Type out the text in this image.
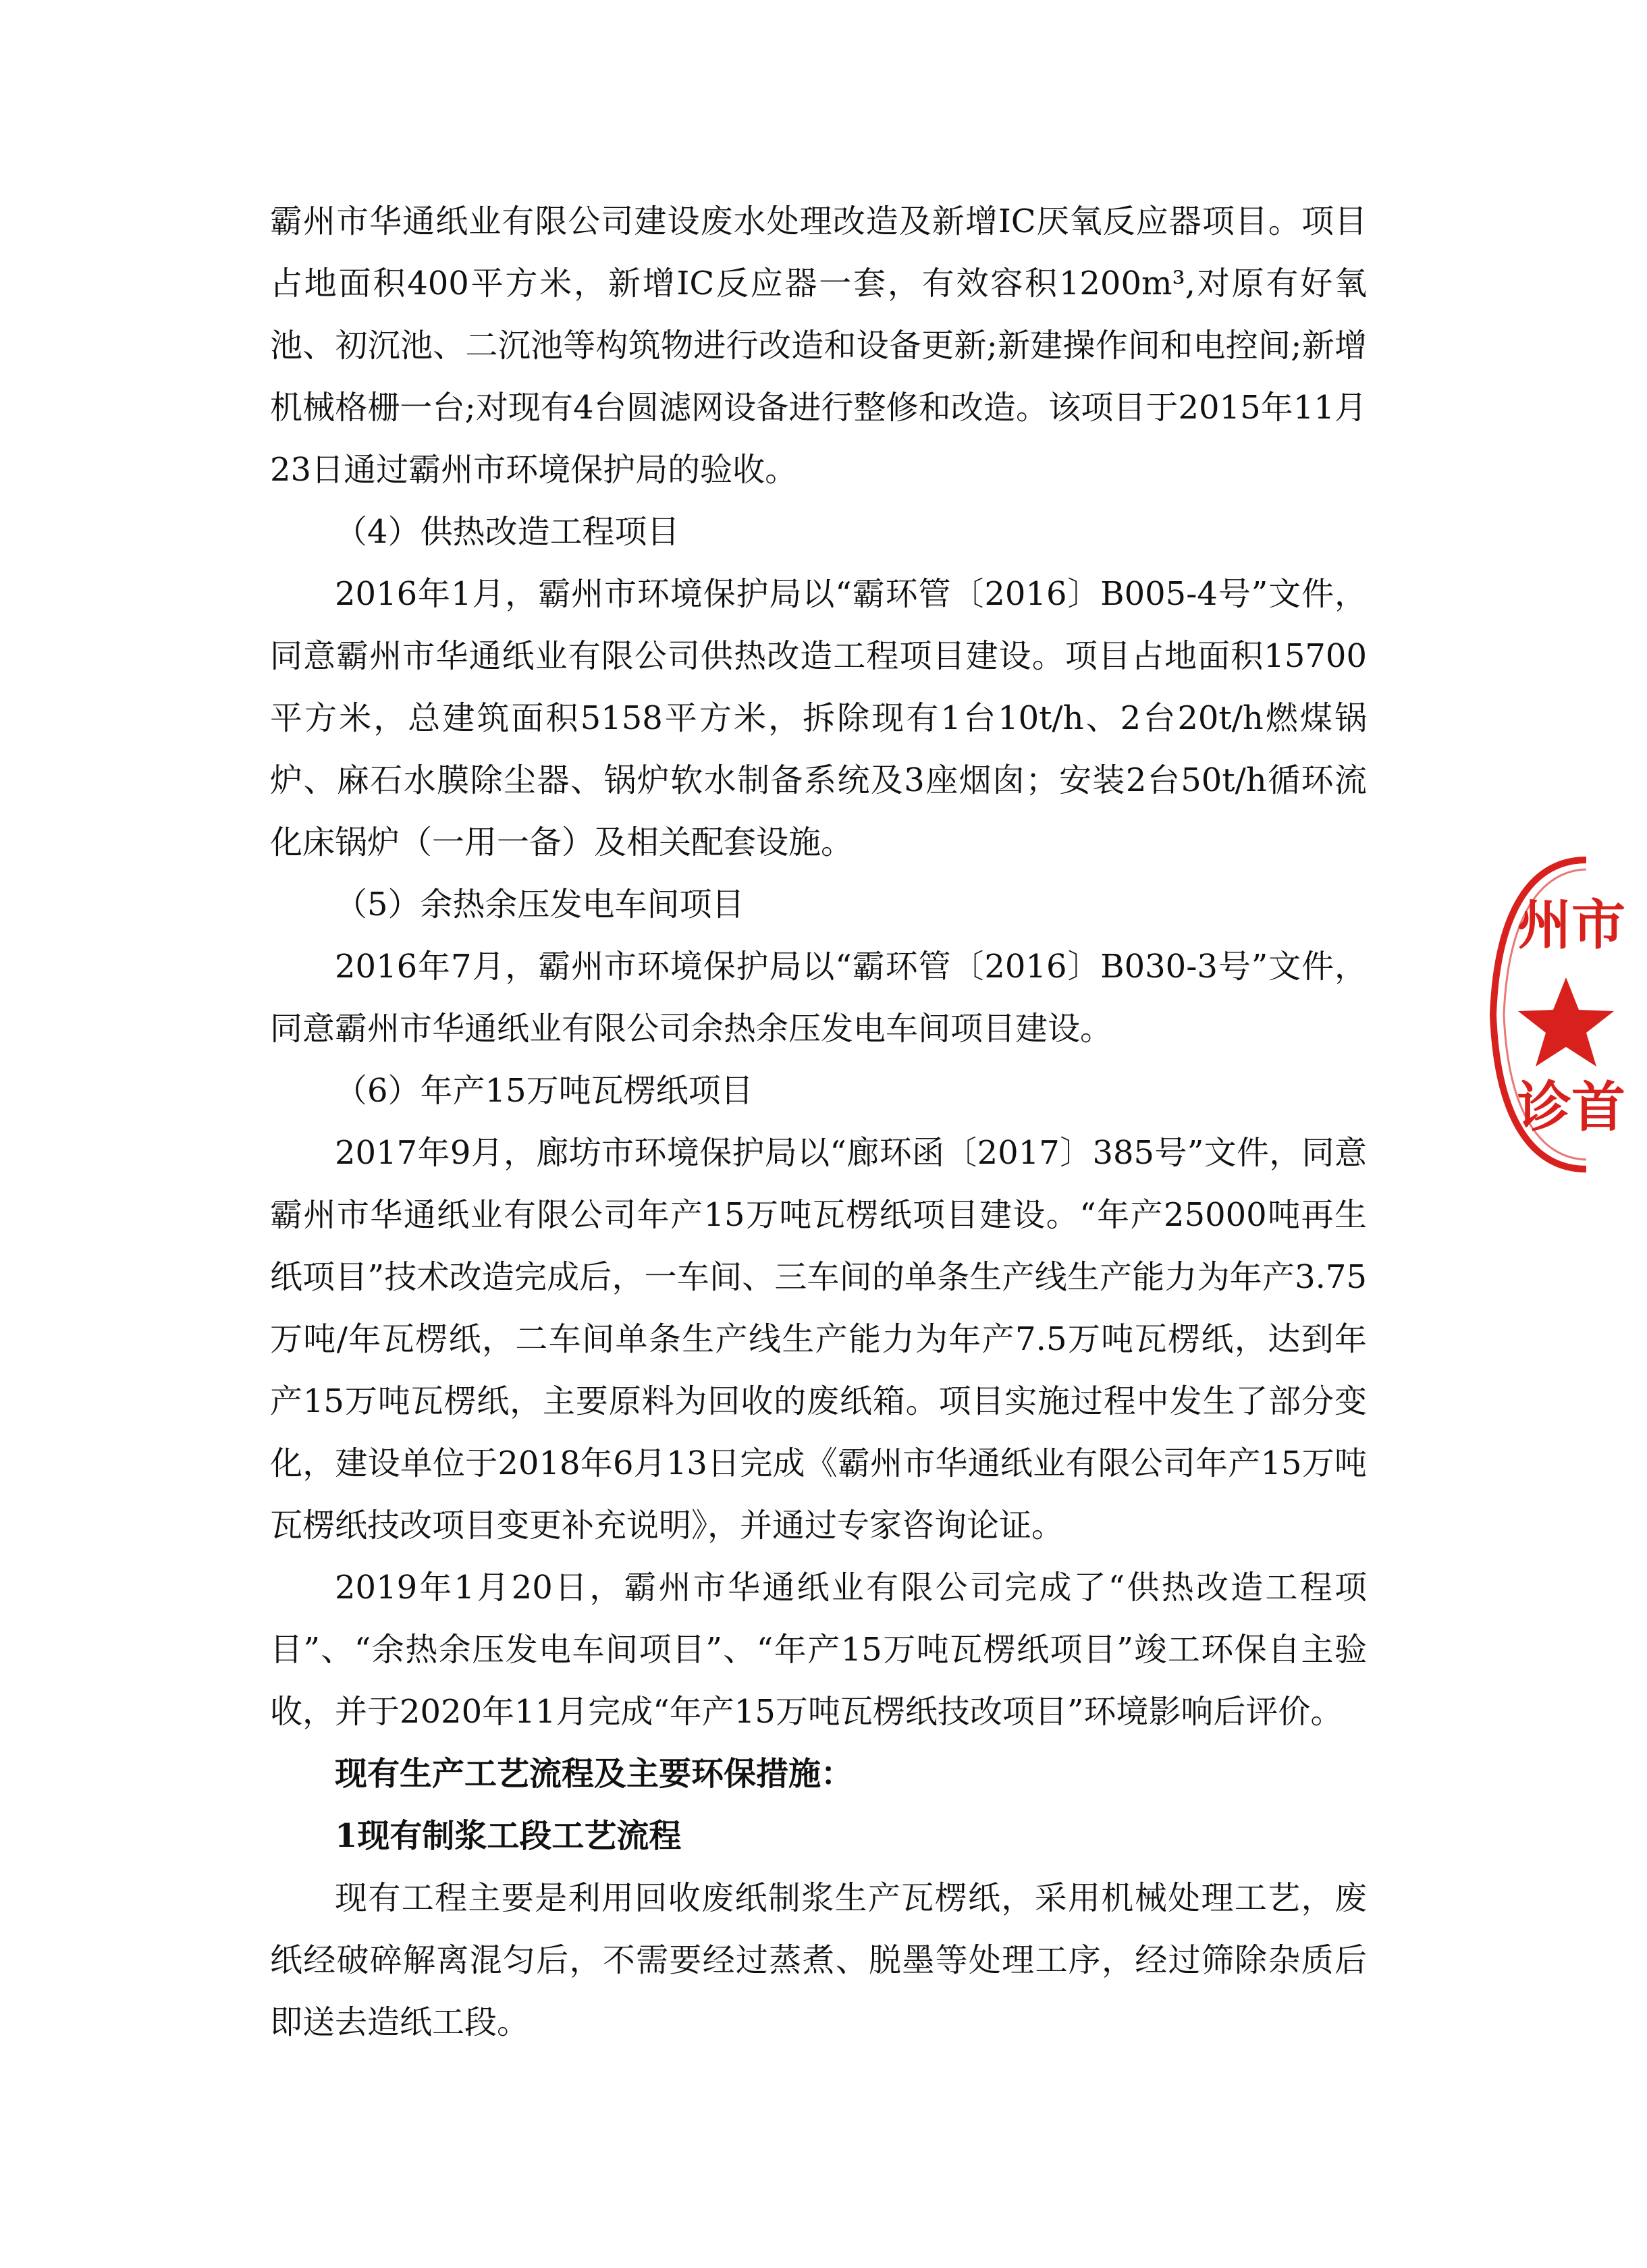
霸州市华通纸业有限公司建设废水处理改造及新增IC厌氧反应器项目。项目占地面积400平方米，新增IC反应器一套，有效容积1200m³,对原有好氧池、初沉池、二沉池等构筑物进行改造和设备更新;新建操作间和电控间;新增机械格栅一台;对现有4台圆滤网设备进行整修和改造。该项目于2015年11月23日通过霸州市环境保护局的验收。

（4）供热改造工程项目

2016年1月，霸州市环境保护局以“霸环管〔2016〕B005-4号”文件，同意霸州市华通纸业有限公司供热改造工程项目建设。项目占地面积15700平方米，总建筑面积5158平方米，拆除现有1台10t/h、2台20t/h燃煤锅炉、麻石水膜除尘器、锅炉软水制备系统及3座烟囱；安装2台50t/h循环流化床锅炉（一用一备）及相关配套设施。

（5）余热余压发电车间项目

2016年7月，霸州市环境保护局以“霸环管〔2016〕B030-3号”文件，同意霸州市华通纸业有限公司余热余压发电车间项目建设。

（6）年产15万吨瓦楞纸项目

2017年9月，廊坊市环境保护局以“廊环函〔2017〕385号”文件，同意霸州市华通纸业有限公司年产15万吨瓦楞纸项目建设。“年产25000吨再生纸项目”技术改造完成后，一车间、三车间的单条生产线生产能力为年产3.75万吨/年瓦楞纸，二车间单条生产线生产能力为年产7.5万吨瓦楞纸，达到年产15万吨瓦楞纸，主要原料为回收的废纸箱。项目实施过程中发生了部分变化，建设单位于2018年6月13日完成《霸州市华通纸业有限公司年产15万吨瓦楞纸技改项目变更补充说明》，并通过专家咨询论证。

2019年1月20日，霸州市华通纸业有限公司完成了“供热改造工程项目”、“余热余压发电车间项目”、“年产15万吨瓦楞纸项目”竣工环保自主验收，并于2020年11月完成“年产15万吨瓦楞纸技改项目”环境影响后评价。

现有生产工艺流程及主要环保措施：

1现有制浆工段工艺流程

现有工程主要是利用回收废纸制浆生产瓦楞纸，采用机械处理工艺，废纸经破碎解离混匀后，不需要经过蒸煮、脱墨等处理工序，经过筛除杂质后即送去造纸工段。

州市
诊首
